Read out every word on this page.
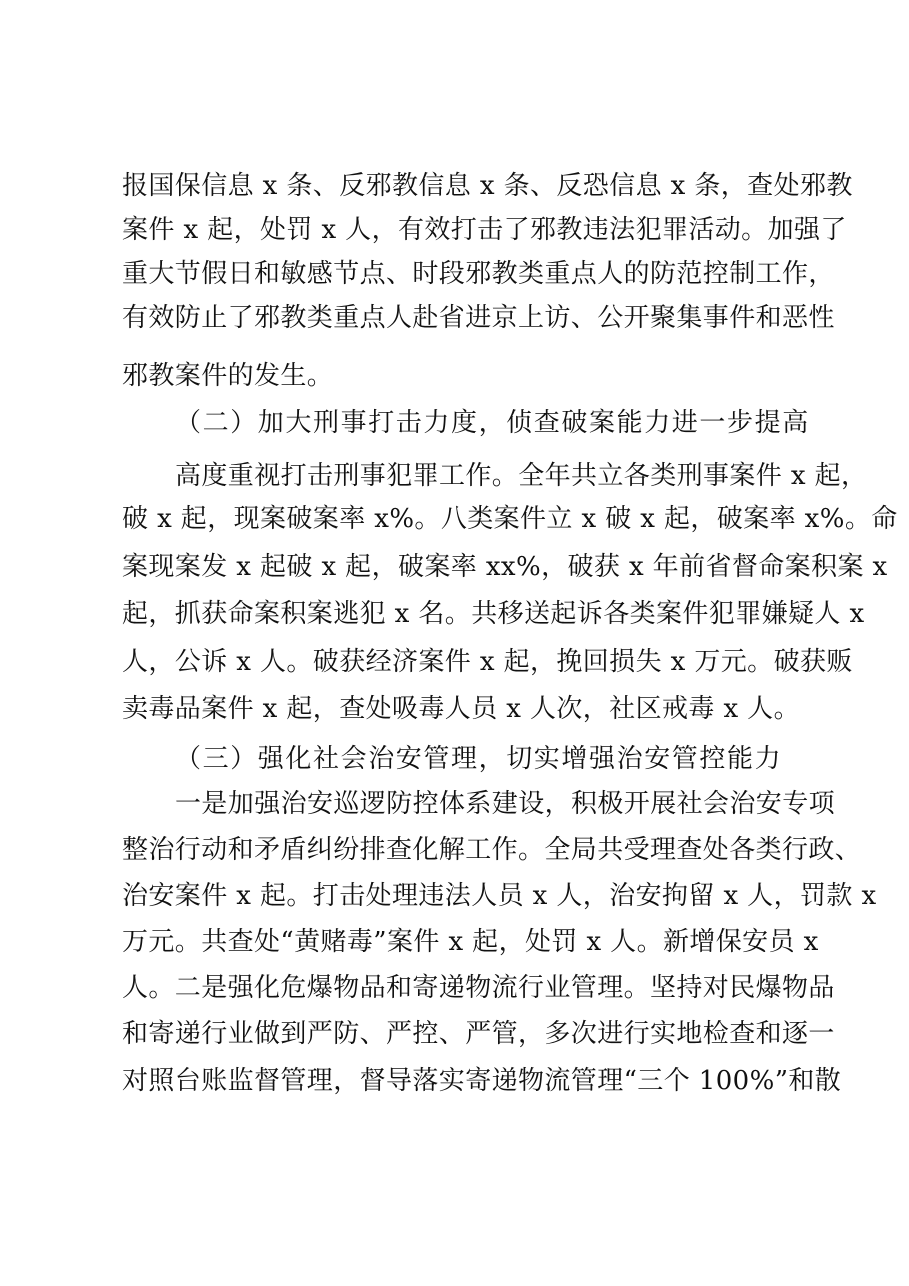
报国保信息 x 条、反邪教信息 x 条、反恐信息 x 条，查处邪教
案件 x 起，处罚 x 人，有效打击了邪教违法犯罪活动。加强了
重大节假日和敏感节点、时段邪教类重点人的防范控制工作，
有效防止了邪教类重点人赴省进京上访、公开聚集事件和恶性
邪教案件的发生。
（二）加大刑事打击力度，侦查破案能力进一步提高
高度重视打击刑事犯罪工作。全年共立各类刑事案件 x 起，
破 x 起，现案破案率 x%。八类案件立 x 破 x 起，破案率 x%。命
案现案发 x 起破 x 起，破案率 xx%，破获 x 年前省督命案积案 x
起，抓获命案积案逃犯 x 名。共移送起诉各类案件犯罪嫌疑人 x
人，公诉 x 人。破获经济案件 x 起，挽回损失 x 万元。破获贩
卖毒品案件 x 起，查处吸毒人员 x 人次，社区戒毒 x 人。
（三）强化社会治安管理，切实增强治安管控能力
一是加强治安巡逻防控体系建设，积极开展社会治安专项
整治行动和矛盾纠纷排查化解工作。全局共受理查处各类行政、
治安案件 x 起。打击处理违法人员 x 人，治安拘留 x 人，罚款 x
万元。共查处“黄赌毒”案件 x 起，处罚 x 人。新增保安员 x
人。二是强化危爆物品和寄递物流行业管理。坚持对民爆物品
和寄递行业做到严防、严控、严管，多次进行实地检查和逐一
对照台账监督管理，督导落实寄递物流管理“三个 100%”和散
